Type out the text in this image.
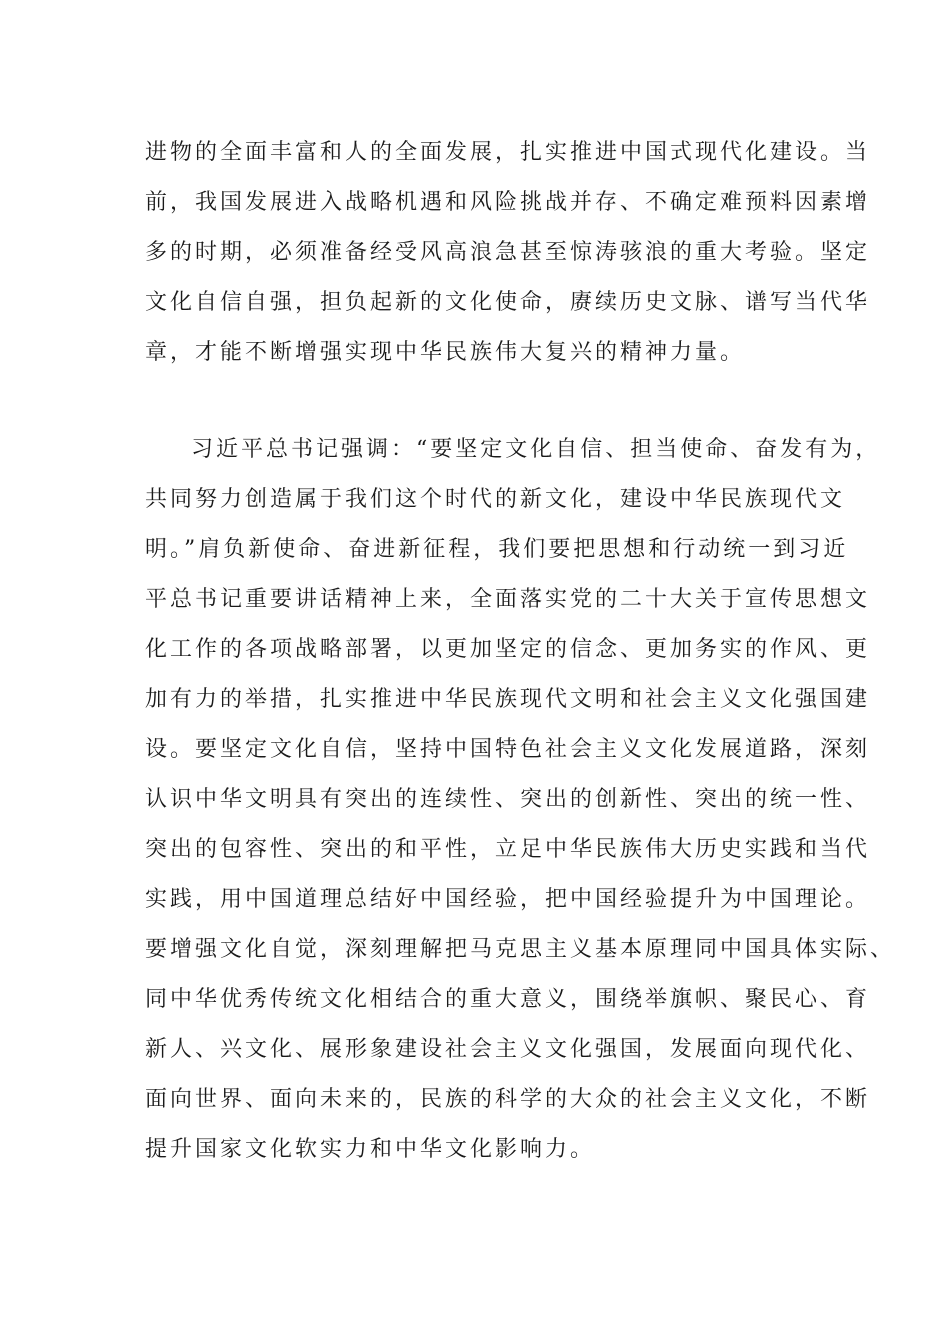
进物的全面丰富和人的全面发展，扎实推进中国式现代化建设。当
前，我国发展进入战略机遇和风险挑战并存、不确定难预料因素增
多的时期，必须准备经受风高浪急甚至惊涛骇浪的重大考验。坚定
文化自信自强，担负起新的文化使命，赓续历史文脉、谱写当代华
章，才能不断增强实现中华民族伟大复兴的精神力量。
习近平总书记强调：“要坚定文化自信、担当使命、奋发有为，
共同努力创造属于我们这个时代的新文化，建设中华民族现代文
明。”肩负新使命、奋进新征程，我们要把思想和行动统一到习近
平总书记重要讲话精神上来，全面落实党的二十大关于宣传思想文
化工作的各项战略部署，以更加坚定的信念、更加务实的作风、更
加有力的举措，扎实推进中华民族现代文明和社会主义文化强国建
设。要坚定文化自信，坚持中国特色社会主义文化发展道路，深刻
认识中华文明具有突出的连续性、突出的创新性、突出的统一性、
突出的包容性、突出的和平性，立足中华民族伟大历史实践和当代
实践，用中国道理总结好中国经验，把中国经验提升为中国理论。
要增强文化自觉，深刻理解把马克思主义基本原理同中国具体实际、
同中华优秀传统文化相结合的重大意义，围绕举旗帜、聚民心、育
新人、兴文化、展形象建设社会主义文化强国，发展面向现代化、
面向世界、面向未来的，民族的科学的大众的社会主义文化，不断
提升国家文化软实力和中华文化影响力。
